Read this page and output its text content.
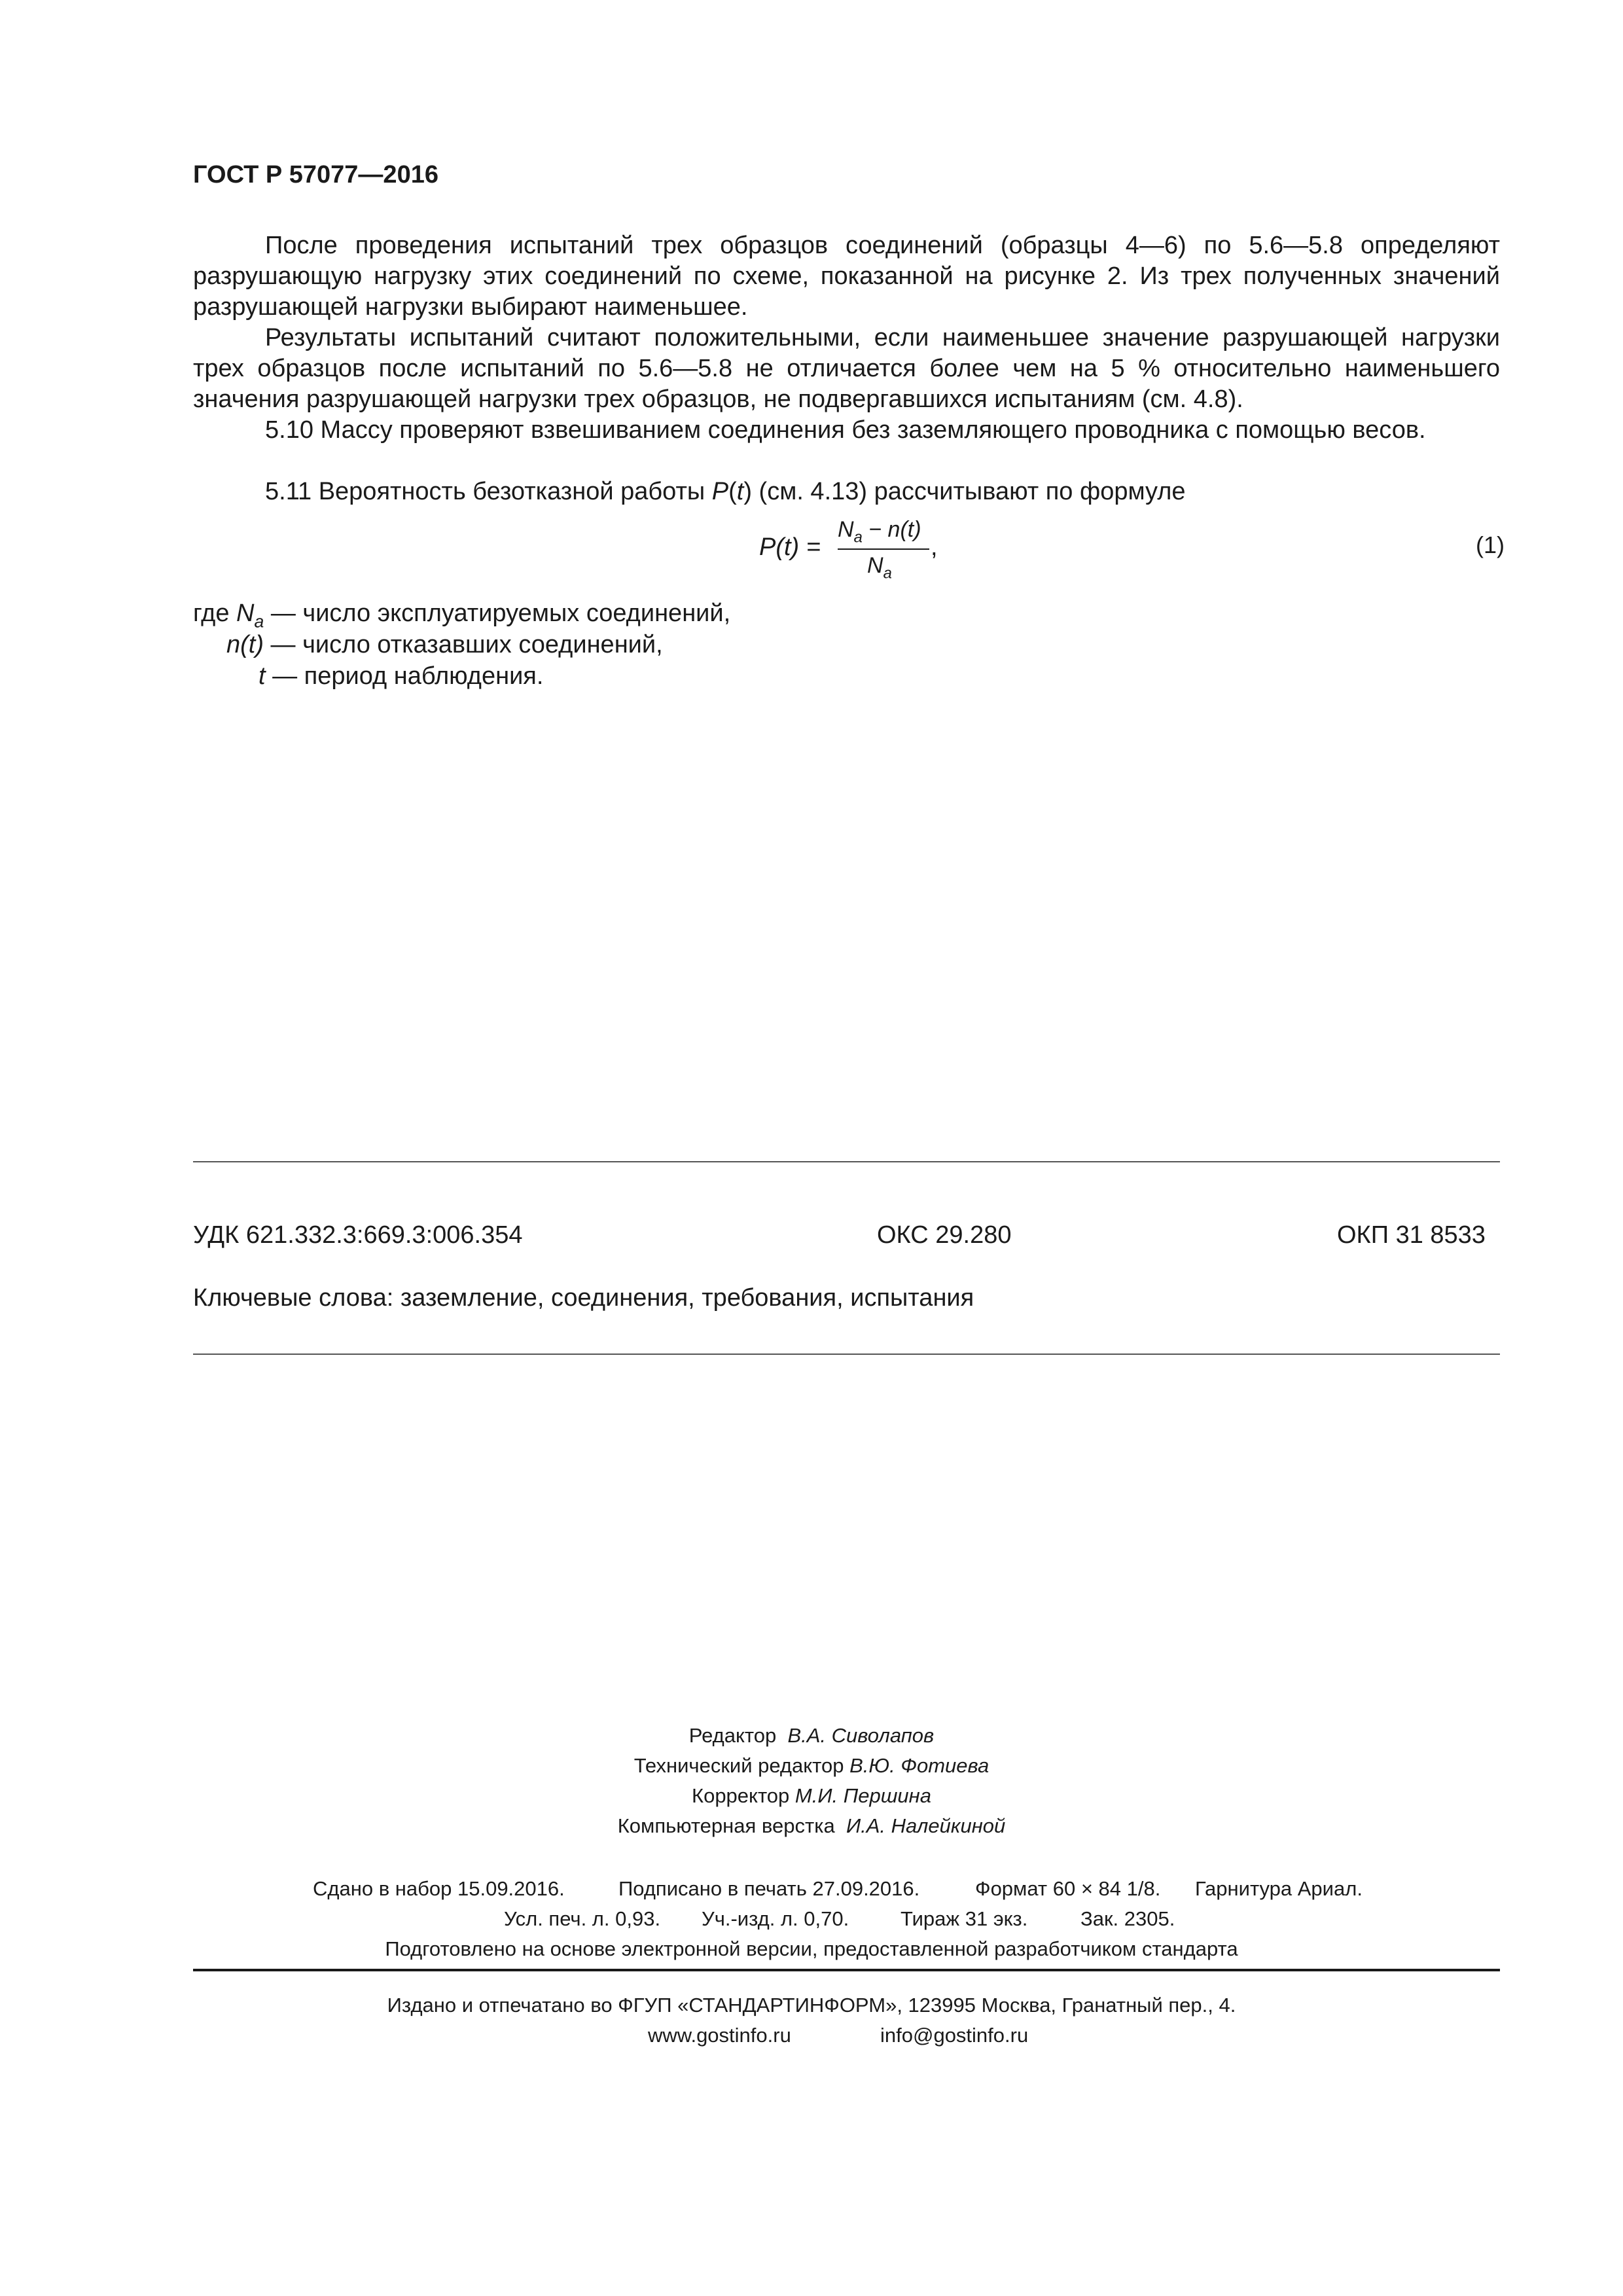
ГОСТ Р 57077—2016

После проведения испытаний трех образцов соединений (образцы 4—6) по 5.6—5.8 определяют разрушающую нагрузку этих соединений по схеме, показанной на рисунке 2. Из трех полученных значений разрушающей нагрузки выбирают наименьшее.

Результаты испытаний считают положительными, если наименьшее значение разрушающей нагрузки трех образцов после испытаний по 5.6—5.8 не отличается более чем на 5 % относительно наименьшего значения разрушающей нагрузки трех образцов, не подвергавшихся испытаниям (см. 4.8).

5.10 Массу проверяют взвешиванием соединения без заземляющего проводника с помощью весов.

5.11 Вероятность безотказной работы P(t) (см. 4.13) рассчитывают по формуле

P(t) =
$N_a - n(t)$
$N_a$
,	(1)
где $N_a$ — число эксплуатируемых соединений,
n(t) — число отказавших соединений,
t — период наблюдения.
УДК 621.332.3:669.3:006.354	ОКС 29.280	ОКП 31 8533
Ключевые слова: заземление, соединения, требования, испытания
Редактор В.А. Сиволапов
Технический редактор В.Ю. Фотиева
Корректор М.И. Першина
Компьютерная верстка И.А. Налейкиной
Сдано в набор 15.09.2016.	Подписано в печать 27.09.2016.	Формат 60 × 84 1/8. Гарнитура Ариал.
Усл. печ. л. 0,93. Уч.-изд. л. 0,70.	Тираж 31 экз.	Зак. 2305.
Подготовлено на основе электронной версии, предоставленной разработчиком стандарта
Издано и отпечатано во ФГУП «СТАНДАРТИНФОРМ», 123995 Москва, Гранатный пер., 4.
www.gostinfo.ru	info@gostinfo.ru
